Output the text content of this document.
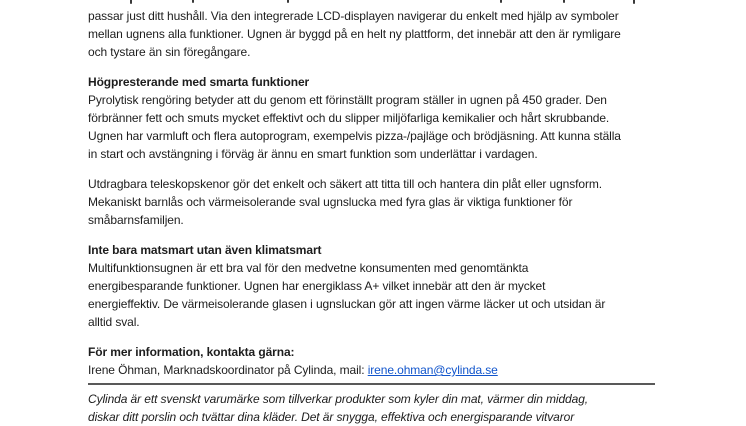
passar just ditt hushåll. Via den integrerade LCD-displayen navigerar du enkelt med hjälp av symboler
mellan ugnens alla funktioner. Ugnen är byggd på en helt ny plattform, det innebär att den är rymligare
och tystare än sin föregångare.

Högpresterande med smarta funktioner

Pyrolytisk rengöring betyder att du genom ett förinställt program ställer in ugnen på 450 grader. Den
förbränner fett och smuts mycket effektivt och du slipper miljöfarliga kemikalier och hårt skrubbande.
Ugnen har varmluft och flera autoprogram, exempelvis pizza-/pajläge och brödjäsning. Att kunna ställa
in start och avstängning i förväg är ännu en smart funktion som underlättar i vardagen.

Utdragbara teleskopskenor gör det enkelt och säkert att titta till och hantera din plåt eller ugnsform.
Mekaniskt barnlås och värmeisolerande sval ugnslucka med fyra glas är viktiga funktioner för
småbarnsfamiljen.

Inte bara matsmart utan även klimatsmart

Multifunktionsugnen är ett bra val för den medvetne konsumenten med genomtänkta
energibesparande funktioner. Ugnen har energiklass A+ vilket innebär att den är mycket
energieffektiv. De värmeisolerande glasen i ugnsluckan gör att ingen värme läcker ut och utsidan är
alltid sval.

För mer information, kontakta gärna:

Irene Öhman, Marknadskoordinator på Cylinda, mail: irene.ohman@cylinda.se

Cylinda är ett svenskt varumärke som tillverkar produkter som kyler din mat, värmer din middag,
diskar ditt porslin och tvättar dina kläder. Det är snygga, effektiva och energisparande vitvaror
